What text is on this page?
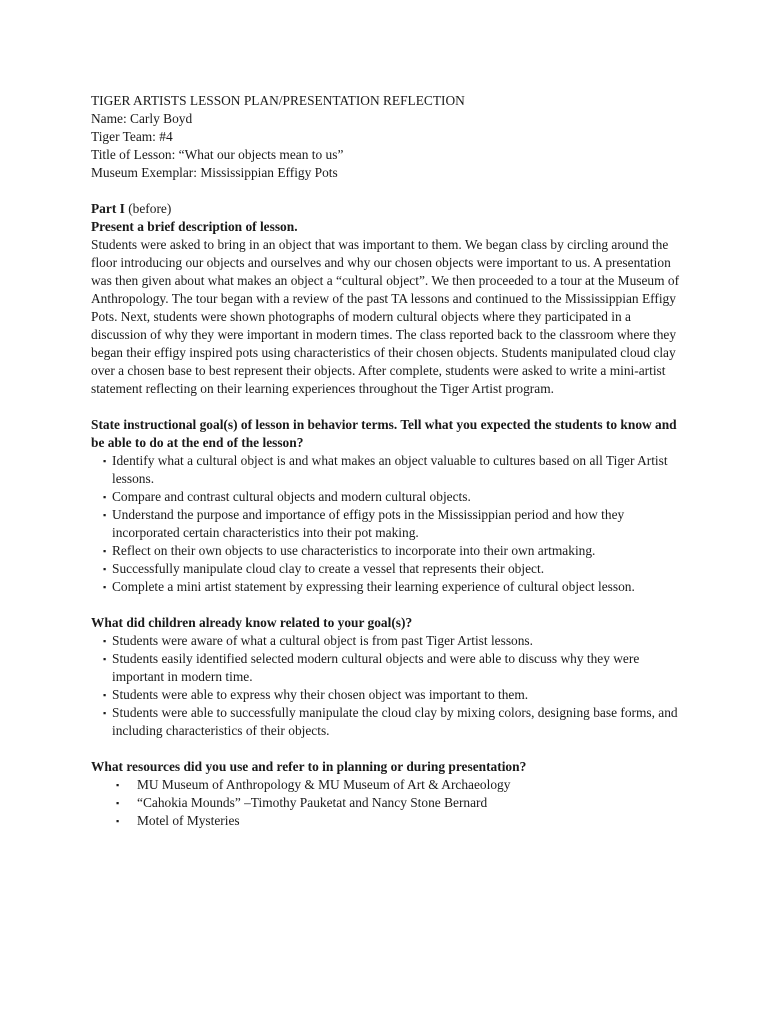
TIGER ARTISTS LESSON PLAN/PRESENTATION REFLECTION

Name: Carly Boyd

Tiger Team: #4

Title of Lesson: “What our objects mean to us”

Museum Exemplar: Mississippian Effigy Pots

Part I (before)

Present a brief description of lesson.

Students were asked to bring in an object that was important to them. We began class by circling around the floor introducing our objects and ourselves and why our chosen objects were important to us. A presentation was then given about what makes an object a “cultural object”. We then proceeded to a tour at the Museum of Anthropology. The tour began with a review of the past TA lessons and continued to the Mississippian Effigy Pots. Next, students were shown photographs of modern cultural objects where they participated in a discussion of why they were important in modern times. The class reported back to the classroom where they began their effigy inspired pots using characteristics of their chosen objects. Students manipulated cloud clay over a chosen base to best represent their objects. After complete, students were asked to write a mini-artist statement reflecting on their learning experiences throughout the Tiger Artist program.

State instructional goal(s) of lesson in behavior terms. Tell what you expected the students to know and be able to do at the end of the lesson?

▪ Identify what a cultural object is and what makes an object valuable to cultures based on all Tiger Artist lessons.
▪ Compare and contrast cultural objects and modern cultural objects.
▪ Understand the purpose and importance of effigy pots in the Mississippian period and how they incorporated certain characteristics into their pot making.
▪ Reflect on their own objects to use characteristics to incorporate into their own artmaking.
▪ Successfully manipulate cloud clay to create a vessel that represents their object.
▪ Complete a mini artist statement by expressing their learning experience of cultural object lesson.

What did children already know related to your goal(s)?

▪ Students were aware of what a cultural object is from past Tiger Artist lessons.
▪ Students easily identified selected modern cultural objects and were able to discuss why they were important in modern time.
▪ Students were able to express why their chosen object was important to them.
▪ Students were able to successfully manipulate the cloud clay by mixing colors, designing base forms, and including characteristics of their objects.

What resources did you use and refer to in planning or during presentation?

▪ MU Museum of Anthropology & MU Museum of Art & Archaeology
▪ “Cahokia Mounds” –Timothy Pauketat and Nancy Stone Bernard
▪ Motel of Mysteries
